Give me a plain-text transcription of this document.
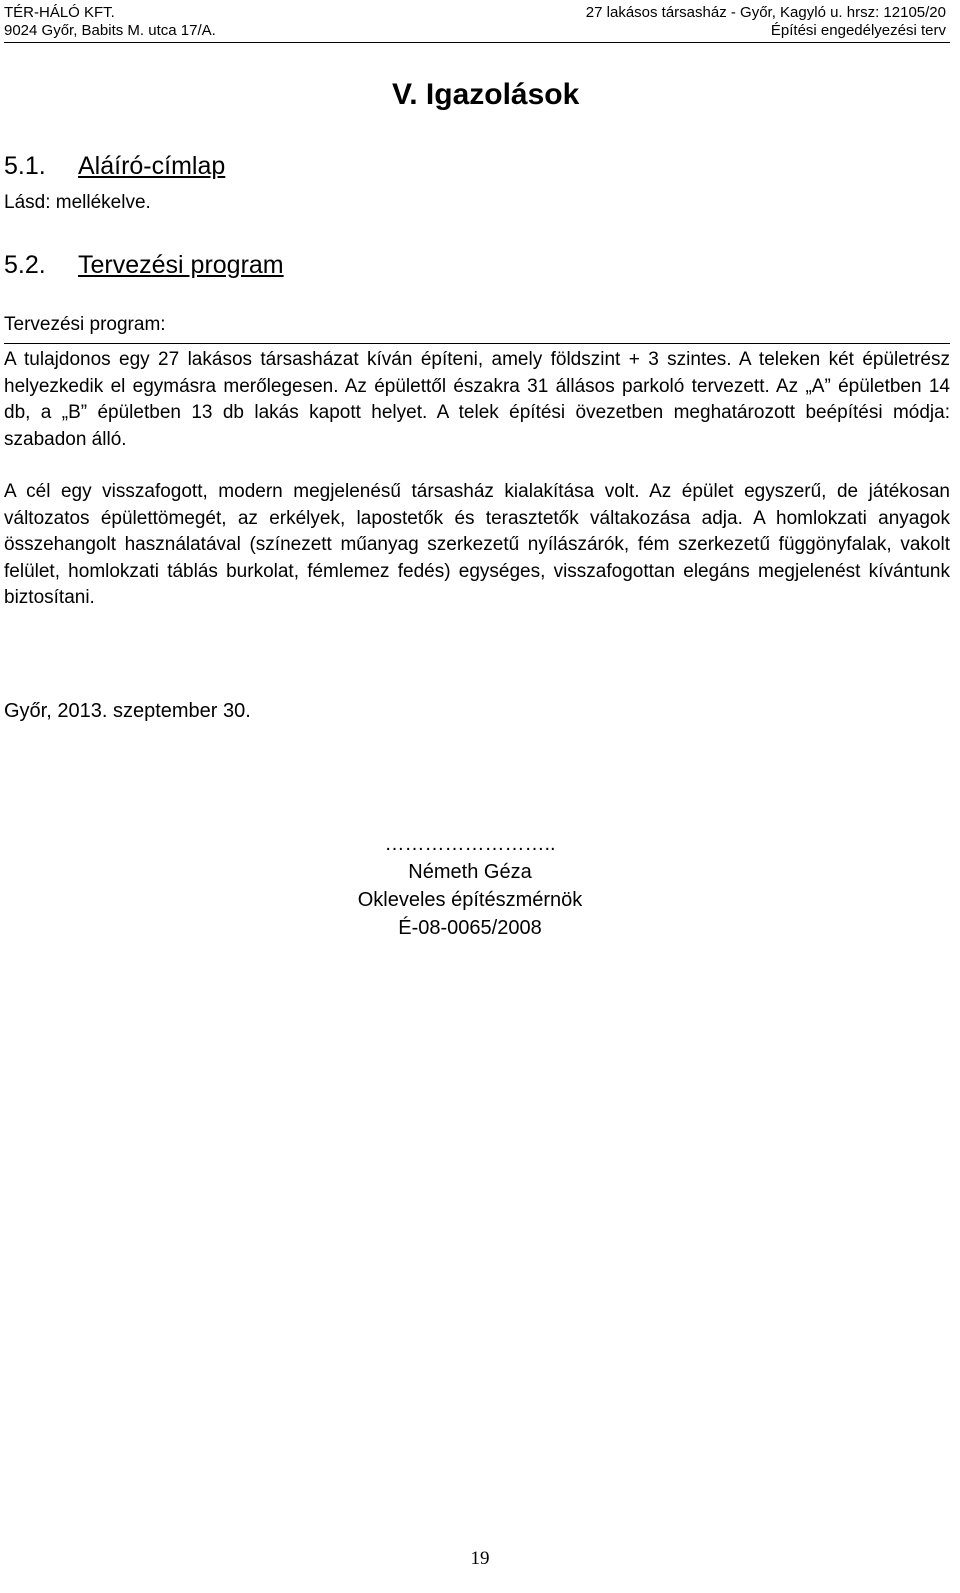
TÉR-HÁLÓ KFT.
9024 Győr, Babits M. utca 17/A.
27 lakásos társasház - Győr, Kagyló u. hrsz: 12105/20
Építési engedélyezési terv
V. Igazolások
5.1. Aláíró-címlap
Lásd: mellékelve.
5.2. Tervezési program
Tervezési program:
A tulajdonos egy 27 lakásos társasházat kíván építeni, amely földszint + 3 szintes. A teleken két épületrész helyezkedik el egymásra merőlegesen. Az épülettől északra 31 állásos parkoló tervezett. Az „A” épületben 14 db, a „B” épületben 13 db lakás kapott helyet. A telek építési övezetben meghatározott beépítési módja: szabadon álló.
A cél egy visszafogott, modern megjelenésű társasház kialakítása volt. Az épület egyszerű, de játékosan változatos épülettömegét, az erkélyek, lapostetők és terasztetők váltakozása adja. A homlokzati anyagok összehangolt használatával (színezett műanyag szerkezetű nyílászárók, fém szerkezetű függönyfalak, vakolt felület, homlokzati táblás burkolat, fémlemez fedés) egységes, visszafogottan elegáns megjelenést kívántunk biztosítani.
Győr, 2013. szeptember 30.
……………………..
Németh Géza
Okleveles építészmérnök
É-08-0065/2008
19
